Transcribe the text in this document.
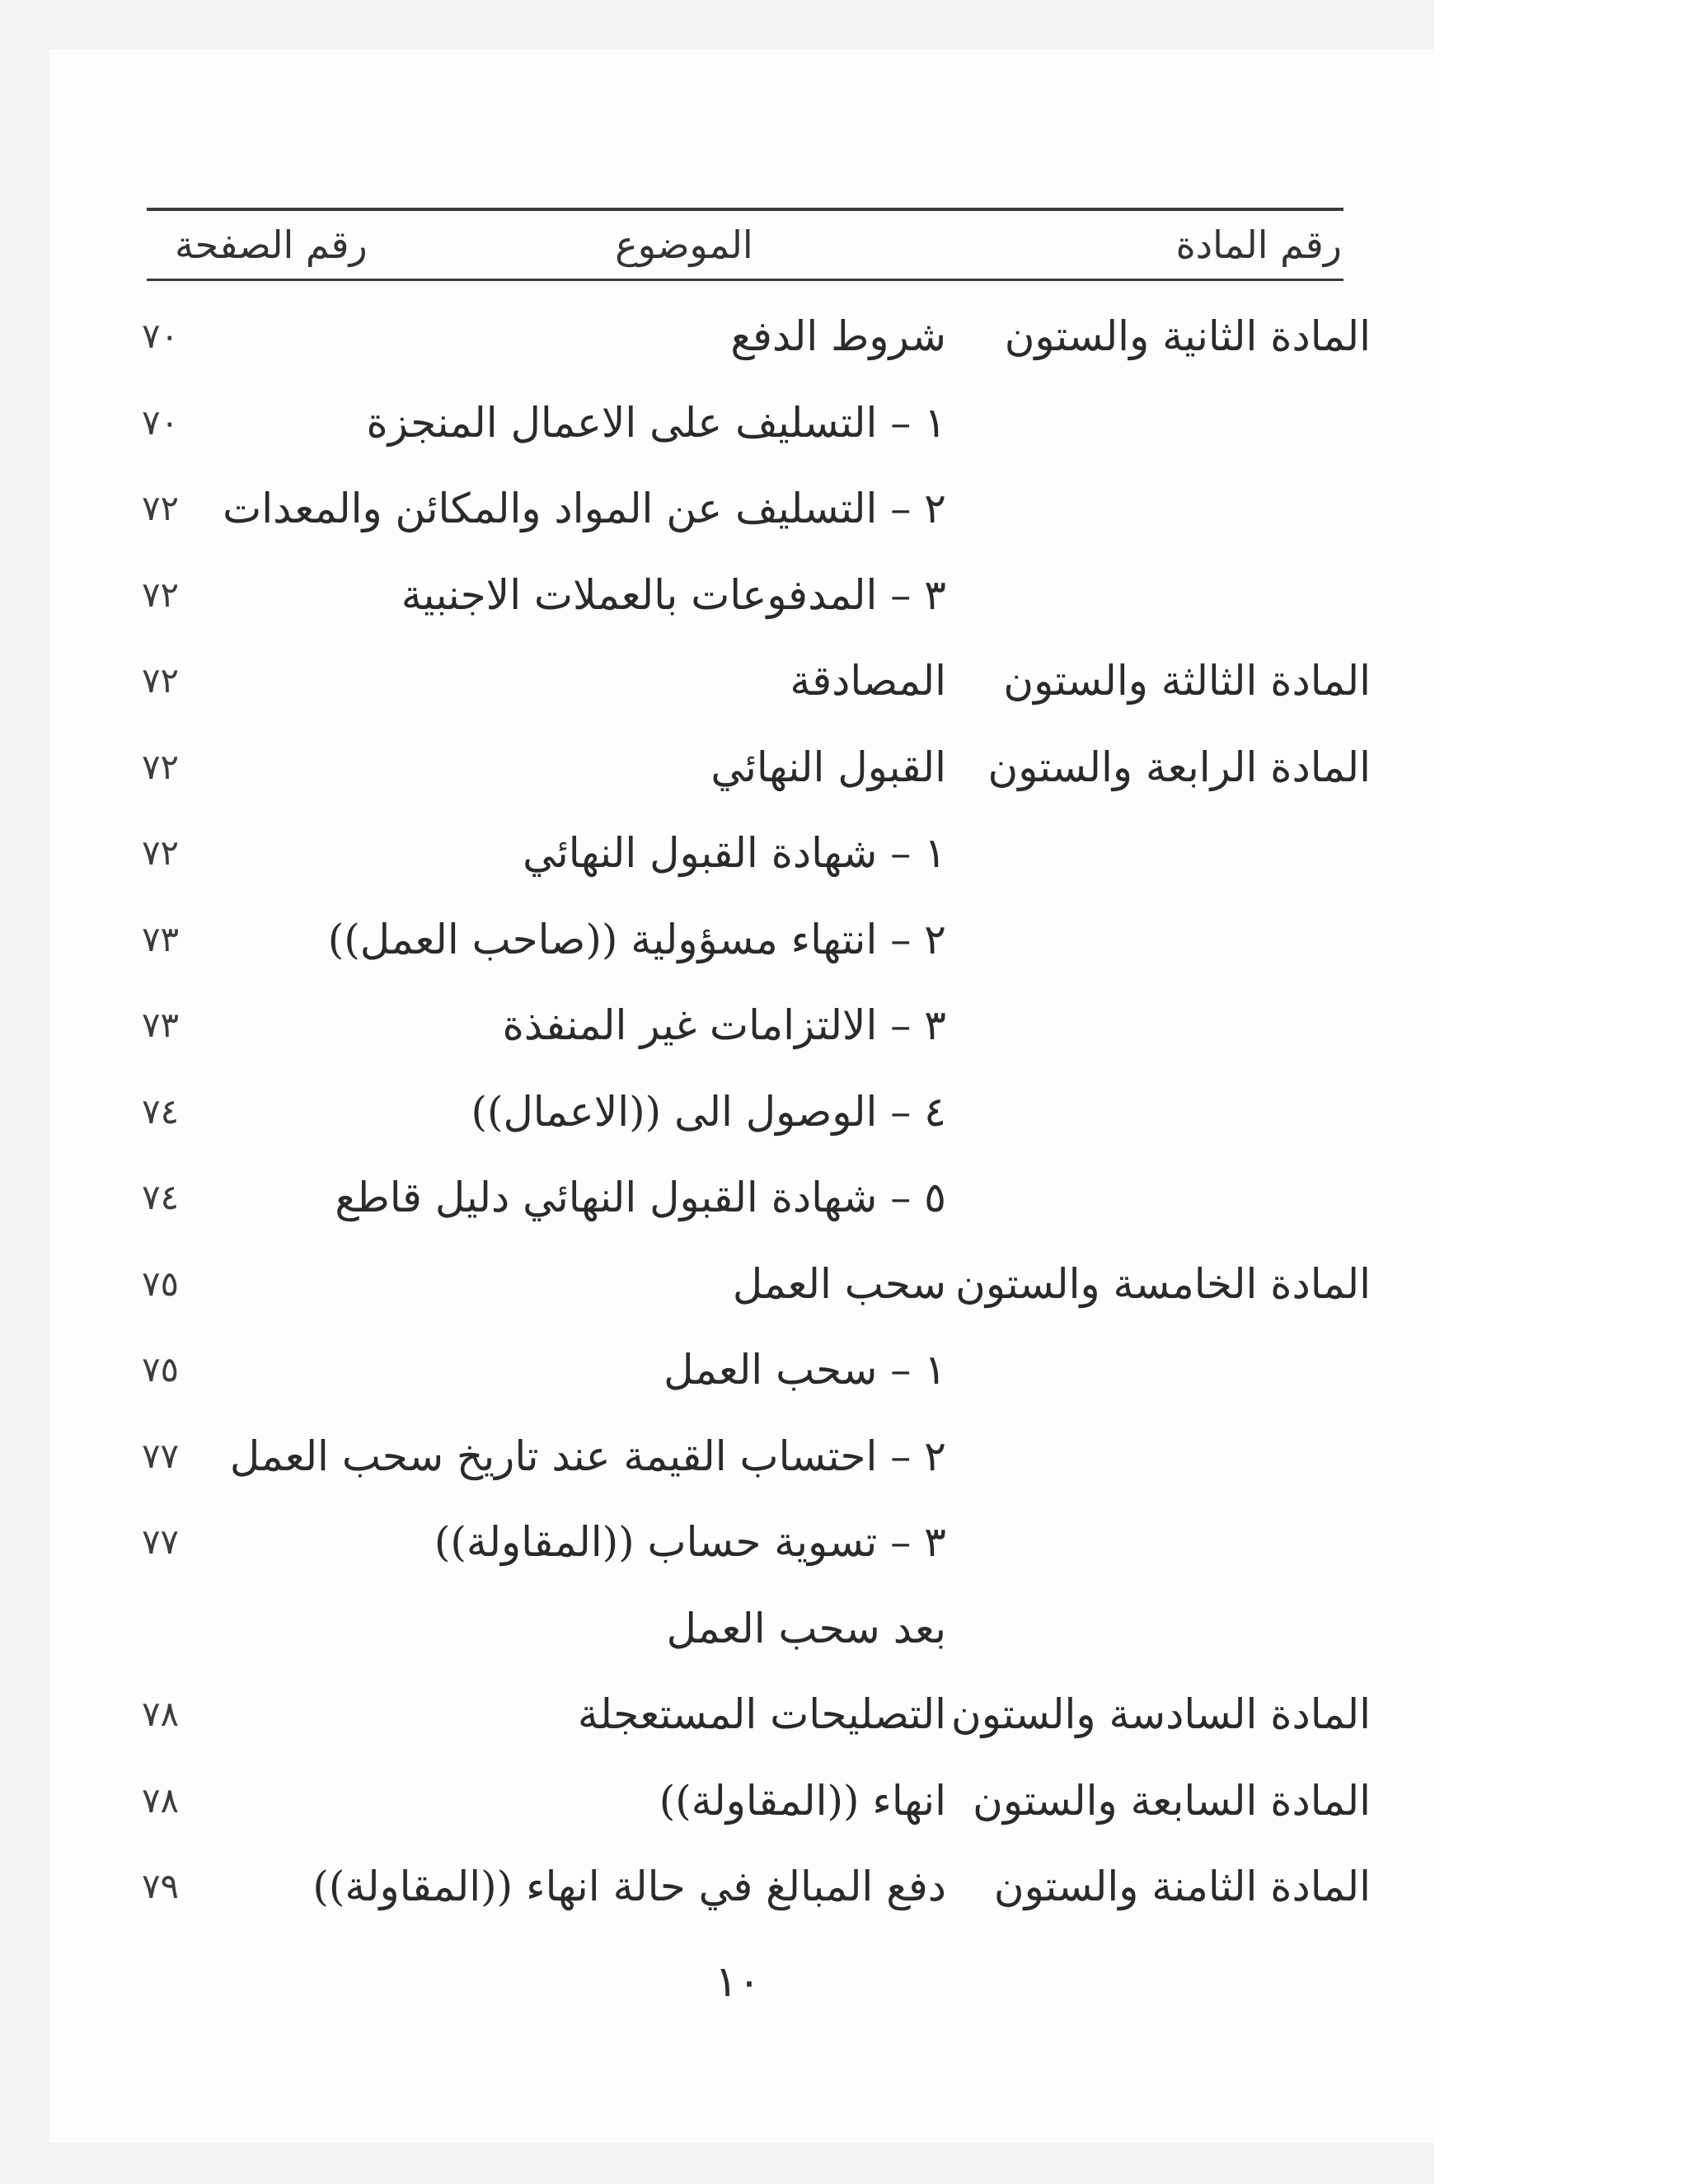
رقم المادة
الموضوع
رقم الصفحة
المادة الثانية والستون
شروط الدفع
٧٠
١ – التسليف على الاعمال المنجزة
٧٠
٢ – التسليف عن المواد والمكائن والمعدات
٧٢
٣ – المدفوعات بالعملات الاجنبية
٧٢
المادة الثالثة والستون
المصادقة
٧٢
المادة الرابعة والستون
القبول النهائي
٧٢
١ – شهادة القبول النهائي
٧٢
٢ – انتهاء مسؤولية ((صاحب العمل))
٧٣
٣ – الالتزامات غير المنفذة
٧٣
٤ – الوصول الى ((الاعمال))
٧٤
٥ – شهادة القبول النهائي دليل قاطع
٧٤
المادة الخامسة والستون
سحب العمل
٧٥
١ – سحب العمل
٧٥
٢ – احتساب القيمة عند تاريخ سحب العمل
٧٧
٣ – تسوية حساب ((المقاولة))
٧٧
بعد سحب العمل
المادة السادسة والستون
التصليحات المستعجلة
٧٨
المادة السابعة والستون
انهاء ((المقاولة))
٧٨
المادة الثامنة والستون
دفع المبالغ في حالة انهاء ((المقاولة))
٧٩
١٠
